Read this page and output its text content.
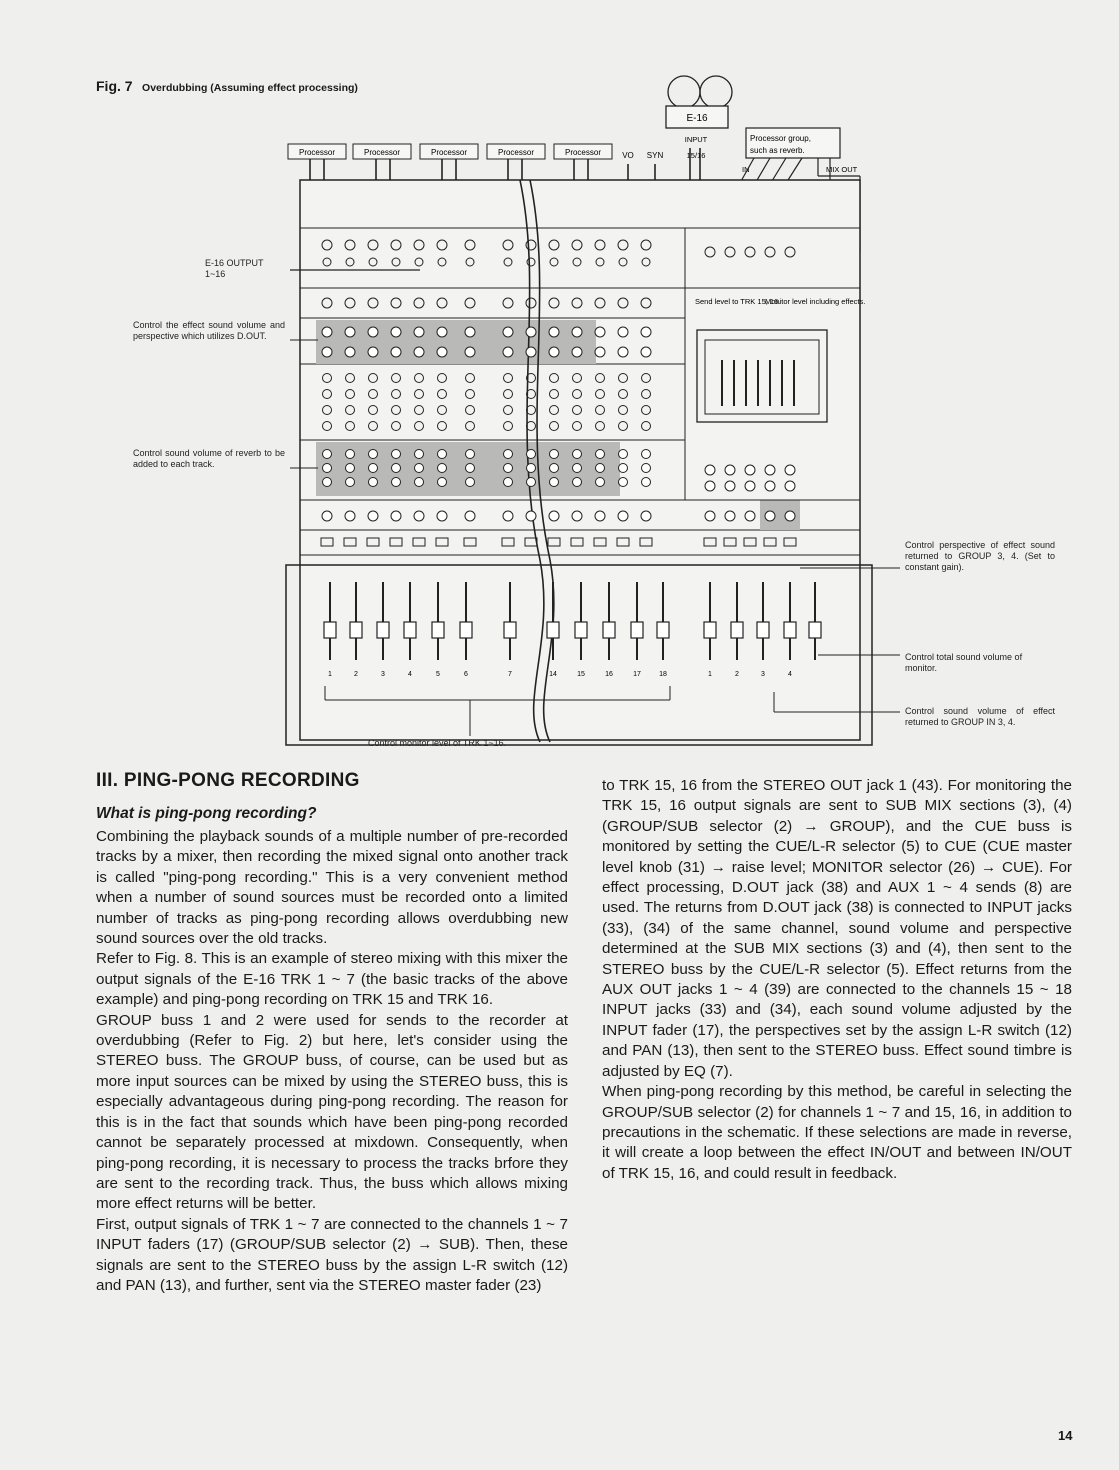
Fig. 7 Overdubbing (Assuming effect processing)
E-16
INPUT
15/16
Processor group,
such as reverb.
IN	MIX OUT
Processor	Processor	Processor	Processor	Processor	VO SYN
1	2	3	4	5	6	7	14	15	16	17	18	1	2	3	4
Send level to TRK 15, 16.
Monitor level including effects.
E-16 OUTPUT 1~16
Control the effect sound volume and perspective which utilizes D.OUT.
Control sound volume of reverb to be added to each track.
Control perspective of effect sound returned to GROUP 3, 4. (Set to constant gain).
Control total sound volume of monitor.
Control sound volume of effect returned to GROUP IN 3, 4.
Control monitor level of TRK 1~16.
III. PING-PONG RECORDING
What is ping-pong recording?

Combining the playback sounds of a multiple number of pre-recorded tracks by a mixer, then recording the mixed signal onto another track is called "ping-pong recording." This is a very convenient method when a number of sound sources must be recorded onto a limited number of tracks as ping-pong recording allows overdubbing new sound sources over the old tracks.

Refer to Fig. 8. This is an example of stereo mixing with this mixer the output signals of the E-16 TRK 1 ~ 7 (the basic tracks of the above example) and ping-pong recording on TRK 15 and TRK 16.

GROUP buss 1 and 2 were used for sends to the recorder at overdubbing (Refer to Fig. 2) but here, let's consider using the STEREO buss. The GROUP buss, of course, can be used but as more input sources can be mixed by using the STEREO buss, this is especially advantageous during ping-pong recording. The reason for this is in the fact that sounds which have been ping-pong recorded cannot be separately processed at mixdown. Consequently, when ping-pong recording, it is necessary to process the tracks brfore they are sent to the recording track. Thus, the buss which allows mixing more effect returns will be better.

First, output signals of TRK 1 ~ 7 are connected to the channels 1 ~ 7 INPUT faders (17) (GROUP/SUB selector (2) → SUB). Then, these signals are sent to the STEREO buss by the assign L-R switch (12) and PAN (13), and further, sent via the STEREO master fader (23)

to TRK 15, 16 from the STEREO OUT jack 1 (43). For monitoring the TRK 15, 16 output signals are sent to SUB MIX sections (3), (4) (GROUP/SUB selector (2) → GROUP), and the CUE buss is monitored by setting the CUE/L-R selector (5) to CUE (CUE master level knob (31) → raise level; MONITOR selector (26) → CUE). For effect processing, D.OUT jack (38) and AUX 1 ~ 4 sends (8) are used. The returns from D.OUT jack (38) is connected to INPUT jacks (33), (34) of the same channel, sound volume and perspective determined at the SUB MIX sections (3) and (4), then sent to the STEREO buss by the CUE/L-R selector (5). Effect returns from the AUX OUT jacks 1 ~ 4 (39) are connected to the channels 15 ~ 18 INPUT jacks (33) and (34), each sound volume adjusted by the INPUT fader (17), the perspectives set by the assign L-R switch (12) and PAN (13), then sent to the STEREO buss. Effect sound timbre is adjusted by EQ (7).

When ping-pong recording by this method, be careful in selecting the GROUP/SUB selector (2) for channels 1 ~ 7 and 15, 16, in addition to precautions in the schematic. If these selections are made in reverse, it will create a loop between the effect IN/OUT and between IN/OUT of TRK 15, 16, and could result in feedback.

14
